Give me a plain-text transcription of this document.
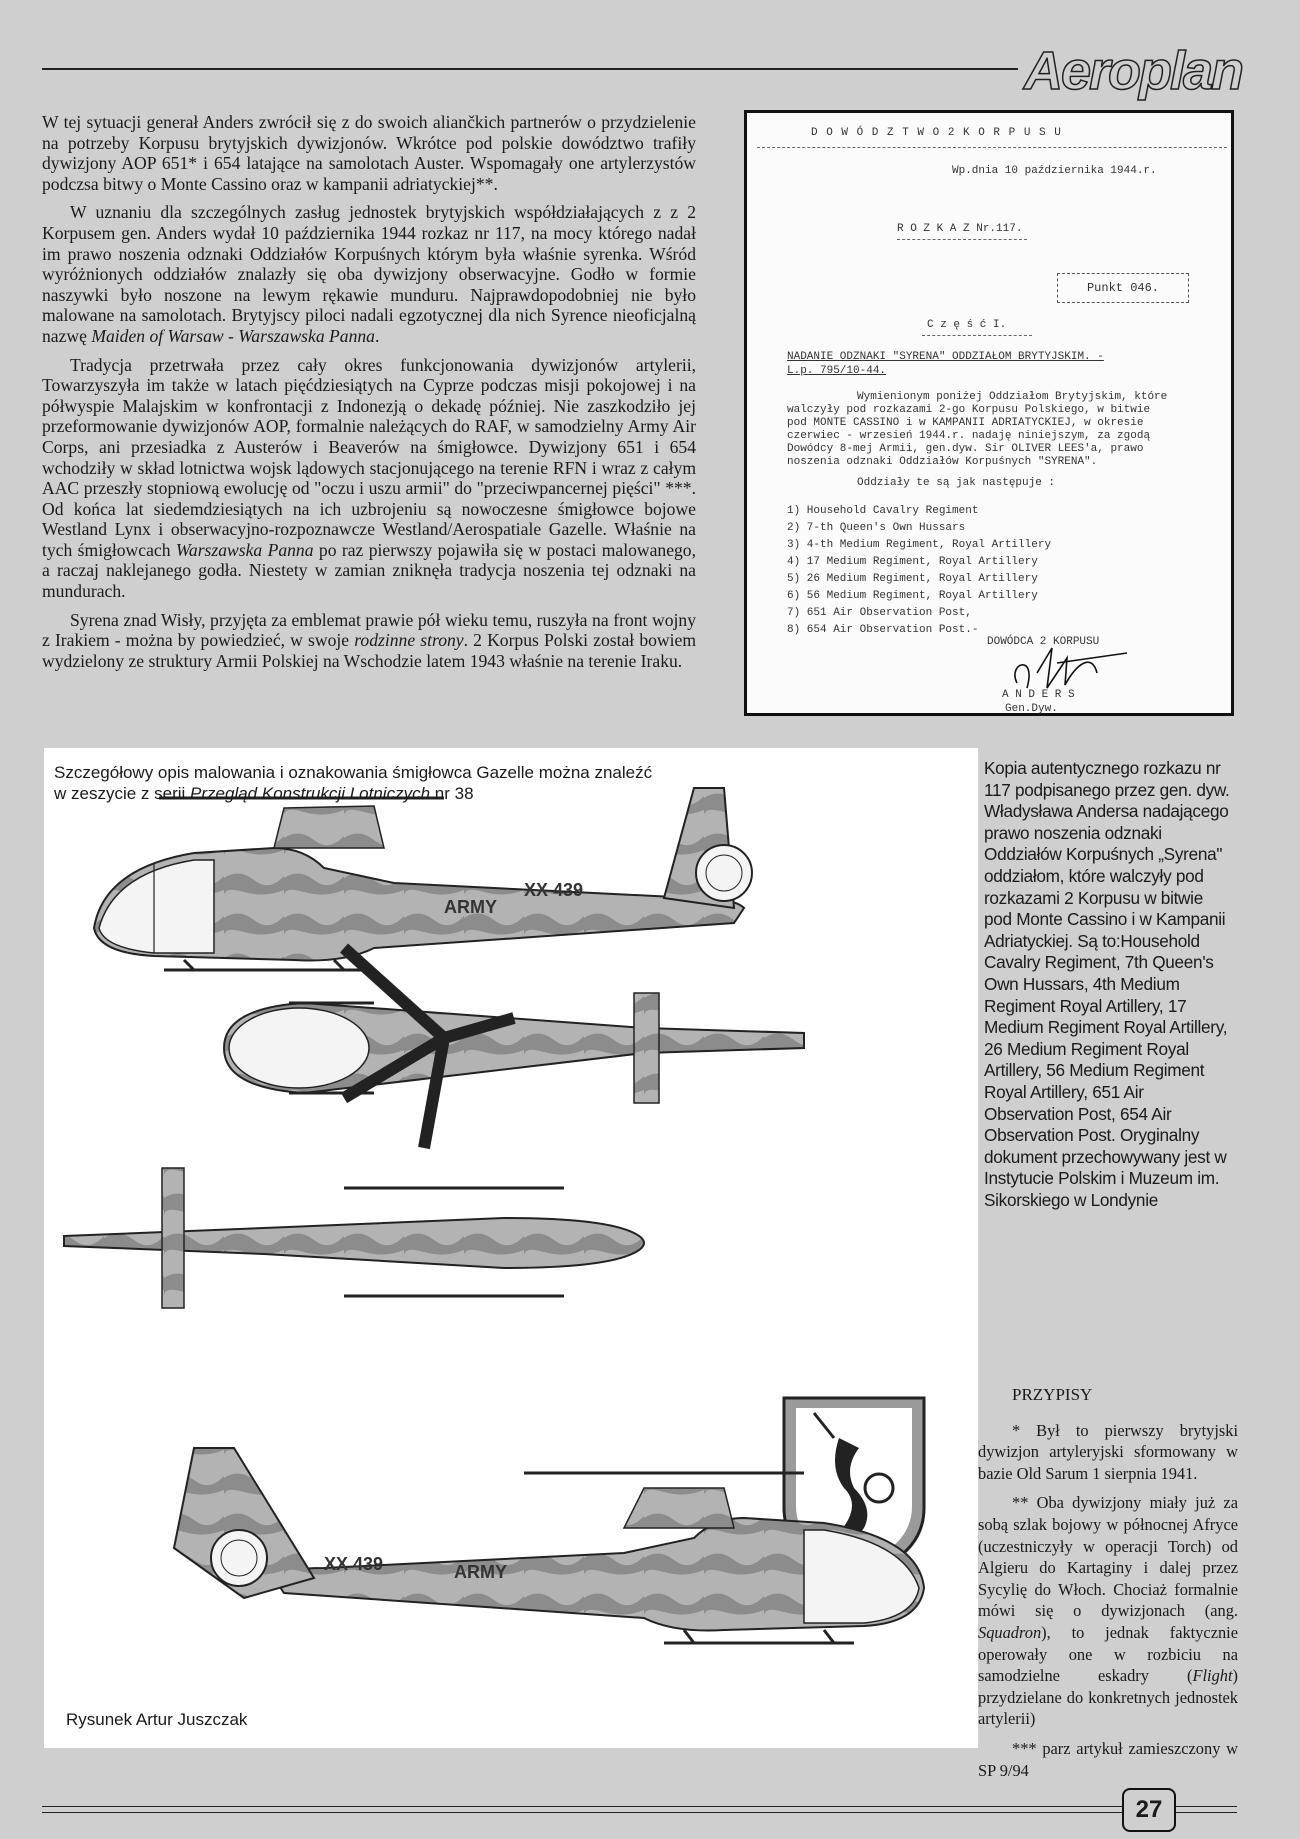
Aeroplan

W tej sytuacji generał Anders zwrócił się z do swoich aliančkich partnerów o przydzielenie na potrzeby Korpusu brytyjskich dywizjonów. Wkrótce pod polskie dowództwo trafiły dywizjony AOP 651* i 654 latające na samolotach Auster. Wspomagały one artylerzystów podczsa bitwy o Monte Cassino oraz w kampanii adriatyckiej**.

W uznaniu dla szczególnych zasług jednostek brytyjskich współdziałających z z 2 Korpusem gen. Anders wydał 10 października 1944 rozkaz nr 117, na mocy którego nadał im prawo noszenia odznaki Oddziałów Korpuśnych którym była właśnie syrenka. Wśród wyróżnionych oddziałów znalazły się oba dywizjony obserwacyjne. Godło w formie naszywki było noszone na lewym rękawie munduru. Najprawdopodobniej nie było malowane na samolotach. Brytyjscy piloci nadali egzotycznej dla nich Syrence nieoficjalną nazwę Maiden of Warsaw - Warszawska Panna.

Tradycja przetrwała przez cały okres funkcjonowania dywizjonów artylerii, Towarzyszyła im także w latach pięćdziesiątych na Cyprze podczas misji pokojowej i na półwyspie Malajskim w konfrontacji z Indonezją o dekadę później. Nie zaszkodziło jej przeformowanie dywizjonów AOP, formalnie należących do RAF, w samodzielny Army Air Corps, ani przesiadka z Austerów i Beaverów na śmigłowce. Dywizjony 651 i 654 wchodziły w skład lotnictwa wojsk lądowych stacjonującego na terenie RFN i wraz z całym AAC przeszły stopniową ewolucję od "oczu i uszu armii" do "przeciwpancernej pięści" ***. Od końca lat siedemdziesiątych na ich uzbrojeniu są nowoczesne śmigłowce bojowe Westland Lynx i obserwacyjno-rozpoznawcze Westland/Aerospatiale Gazelle. Właśnie na tych śmigłowcach Warszawska Panna po raz pierwszy pojawiła się w postaci malowanego, a raczaj naklejanego godła. Niestety w zamian zniknęła tradycja noszenia tej odznaki na mundurach.

Syrena znad Wisły, przyjęta za emblemat prawie pół wieku temu, ruszyła na front wojny z Irakiem - można by powiedzieć, w swoje rodzinne strony. 2 Korpus Polski został bowiem wydzielony ze struktury Armii Polskiej na Wschodzie latem 1943 właśnie na terenie Iraku.

D O W Ó D Z T W O 2 K O R P U S U
Wp.dnia 10 października 1944.r.
R O Z K A Z Nr.117.
Punkt 046.
C z ę ś ć I.
NADANIE ODZNAKI "SYRENA" ODDZIAŁOM BRYTYJSKIM. -
L.p. 795/10-44.
Wymienionym poniżej Oddziałom Brytyjskim, które
walczyły pod rozkazami 2-go Korpusu Polskiego, w bitwie
pod MONTE CASSINO i w KAMPANII ADRIATYCKIEJ, w okresie
czerwiec - wrzesień 1944.r. nadaję niniejszym, za zgodą
Dowódcy 8-mej Armii, gen.dyw. Sir OLIVER LEES'a, prawo
noszenia odznaki Oddziałów Korpuśnych "SYRENA".
Oddziały te są jak następuje :
1) Household Cavalry Regiment
2) 7-th Queen's Own Hussars
3) 4-th Medium Regiment, Royal Artillery
4) 17 Medium Regiment, Royal Artillery
5) 26 Medium Regiment, Royal Artillery
6) 56 Medium Regiment, Royal Artillery
7) 651 Air Observation Post,
8) 654 Air Observation Post.-
DOWÓDCA 2 KORPUSU
A N D E R S
Gen.Dyw.
ARMY
XX 439
XX 439	ARMY
Szczegółowy opis malowania i oznakowania śmigłowca Gazelle można znaleźć w zeszycie z serii Przegląd Konstrukcji Lotniczych nr 38
Rysunek Artur Juszczak
Kopia autentycznego rozkazu nr 117 podpisanego przez gen. dyw. Władysława Andersa nadającego prawo noszenia odznaki Oddziałów Korpuśnych „Syrena" oddziałom, które walczyły pod rozkazami 2 Korpusu w bitwie pod Monte Cassino i w Kampanii Adriatyckiej. Są to:Household Cavalry Regiment, 7th Queen's Own Hussars, 4th Medium Regiment Royal Artillery, 17 Medium Regiment Royal Artillery, 26 Medium Regiment Royal Artillery, 56 Medium Regiment Royal Artillery, 651 Air Observation Post, 654 Air Observation Post. Oryginalny dokument przechowywany jest w Instytucie Polskim i Muzeum im. Sikorskiego w Londynie
PRZYPISY

* Był to pierwszy brytyjski dywizjon artyleryjski sformowany w bazie Old Sarum 1 sierpnia 1941.

** Oba dywizjony miały już za sobą szlak bojowy w północnej Afryce (uczestniczyły w operacji Torch) od Algieru do Kartaginy i dalej przez Sycylię do Włoch. Chociaż formalnie mówi się o dywizjonach (ang. Squadron), to jednak faktycznie operowały one w rozbiciu na samodzielne eskadry (Flight) przydzielane do konkretnych jednostek artylerii)

*** parz artykuł zamieszczony w SP 9/94

27
